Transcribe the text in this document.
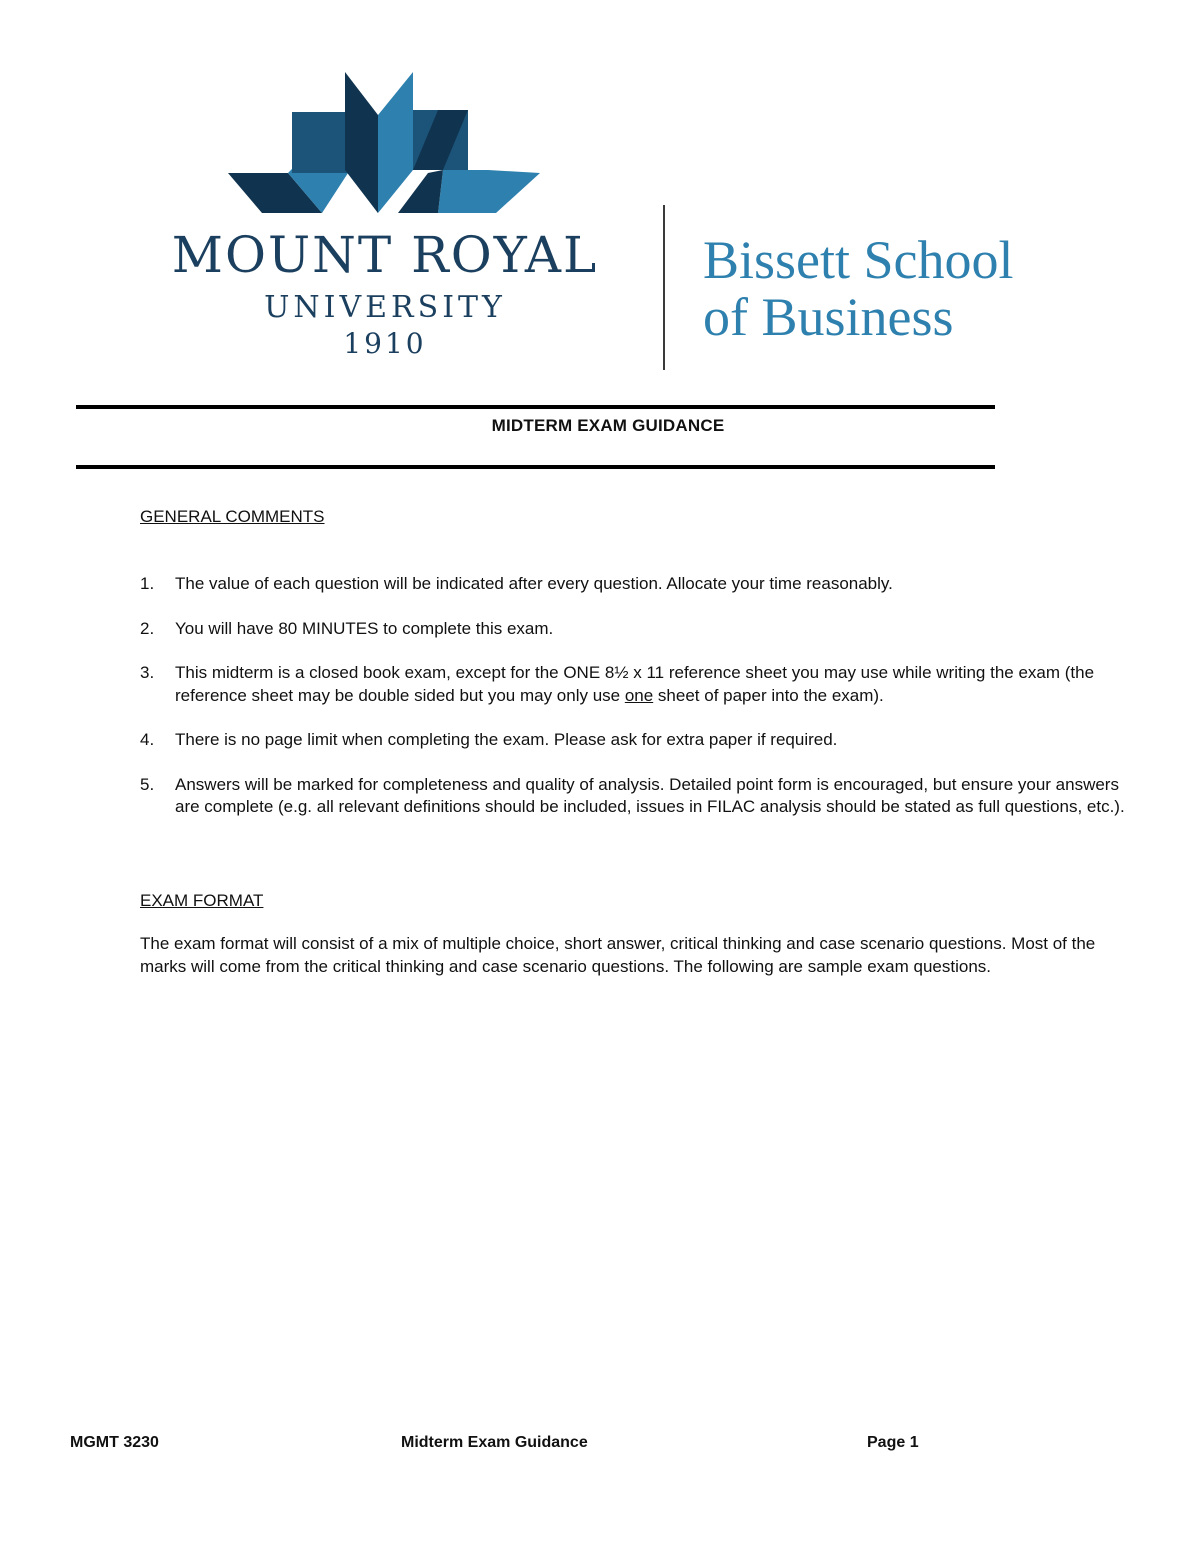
MOUNT ROYAL
UNIVERSITY
1910
Bissett School
of Business
MIDTERM EXAM GUIDANCE
GENERAL COMMENTS
1. The value of each question will be indicated after every question. Allocate your time reasonably.
2. You will have 80 MINUTES to complete this exam.
3. This midterm is a closed book exam, except for the ONE 8½ x 11 reference sheet you may use while writing the exam (the reference sheet may be double sided but you may only use one sheet of paper into the exam).
4. There is no page limit when completing the exam. Please ask for extra paper if required.
5. Answers will be marked for completeness and quality of analysis. Detailed point form is encouraged, but ensure your answers are complete (e.g. all relevant definitions should be included, issues in FILAC analysis should be stated as full questions, etc.).
EXAM FORMAT
The exam format will consist of a mix of multiple choice, short answer, critical thinking and case scenario questions. Most of the marks will come from the critical thinking and case scenario questions. The following are sample exam questions.
MGMT 3230	Midterm Exam Guidance	Page 1
